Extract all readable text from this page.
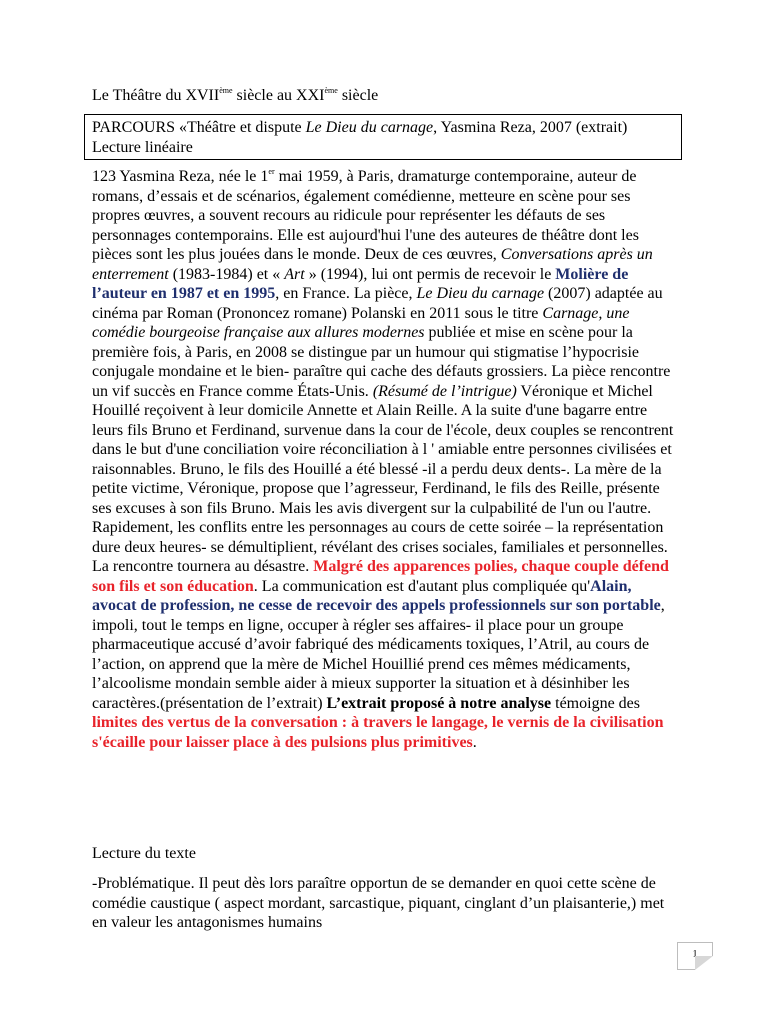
Le Théâtre du XVIIème siècle au XXIème siècle
PARCOURS «Théâtre et dispute Le Dieu du carnage, Yasmina Reza, 2007 (extrait) Lecture linéaire
123 Yasmina Reza, née le 1er mai 1959, à Paris, dramaturge contemporaine, auteur de romans, d’essais et de scénarios, également comédienne, metteure en scène pour ses propres œuvres, a souvent recours au ridicule pour représenter les défauts de ses personnages contemporains. Elle est aujourd'hui l'une des auteures de théâtre dont les pièces sont les plus jouées dans le monde. Deux de ces œuvres, Conversations après un enterrement (1983-1984) et « Art » (1994), lui ont permis de recevoir le Molière de l’auteur en 1987 et en 1995, en France. La pièce, Le Dieu du carnage (2007) adaptée au cinéma par Roman (Prononcez romane) Polanski en 2011 sous le titre Carnage, une comédie bourgeoise française aux allures modernes publiée et mise en scène pour la première fois, à Paris, en 2008 se distingue par un humour qui stigmatise l’hypocrisie conjugale mondaine et le bien- paraître qui cache des défauts grossiers. La pièce rencontre un vif succès en France comme États-Unis. (Résumé de l’intrigue) Véronique et Michel Houillé reçoivent à leur domicile Annette et Alain Reille. A la suite d'une bagarre entre leurs fils Bruno et Ferdinand, survenue dans la cour de l'école, deux couples se rencontrent dans le but d'une conciliation voire réconciliation à l ' amiable entre personnes civilisées et raisonnables. Bruno, le fils des Houillé a été blessé -il a perdu deux dents-. La mère de la petite victime, Véronique, propose que l’agresseur, Ferdinand, le fils des Reille, présente ses excuses à son fils Bruno. Mais les avis divergent sur la culpabilité de l'un ou l'autre. Rapidement, les conflits entre les personnages au cours de cette soirée – la représentation dure deux heures- se démultiplient, révélant des crises sociales, familiales et personnelles. La rencontre tournera au désastre. Malgré des apparences polies, chaque couple défend son fils et son éducation. La communication est d'autant plus compliquée qu'Alain, avocat de profession, ne cesse de recevoir des appels professionnels sur son portable, impoli, tout le temps en ligne, occuper à régler ses affaires- il place pour un groupe pharmaceutique accusé d’avoir fabriqué des médicaments toxiques, l’Atril, au cours de l’action, on apprend que la mère de Michel Houillié prend ces mêmes médicaments, l’alcoolisme mondain semble aider à mieux supporter la situation et à désinhiber les caractères.(présentation de l’extrait) L’extrait proposé à notre analyse témoigne des limites des vertus de la conversation : à travers le langage, le vernis de la civilisation s'écaille pour laisser place à des pulsions plus primitives.
Lecture du texte
-Problématique. Il peut dès lors paraître opportun de se demander en quoi cette scène de comédie caustique ( aspect mordant, sarcastique, piquant, cinglant d’un plaisanterie,) met en valeur les antagonismes humains
1
